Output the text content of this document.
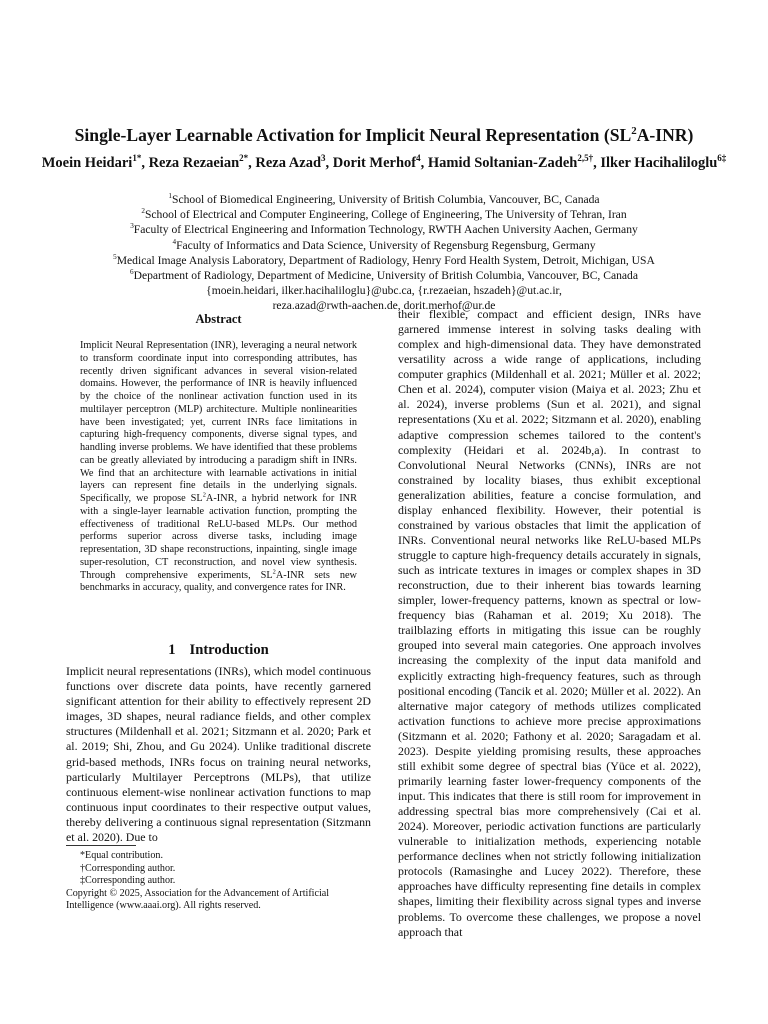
Single-Layer Learnable Activation for Implicit Neural Representation $(SL^2A-INR)$
Moein Heidari$^{1*}$, Reza Rezaeian$^{2*}$, Reza Azad$^3$, Dorit Merhof$^4$, Hamid Soltanian-Zadeh$^{2,5\dagger}$, Ilker Hacihaliloglu$^{6\ddagger}$
$^1$School of Biomedical Engineering, University of British Columbia, Vancouver, BC, Canada
$^2$School of Electrical and Computer Engineering, College of Engineering, The University of Tehran, Iran
$^3$Faculty of Electrical Engineering and Information Technology, RWTH Aachen University Aachen, Germany
$^4$Faculty of Informatics and Data Science, University of Regensburg Regensburg, Germany
$^5$Medical Image Analysis Laboratory, Department of Radiology, Henry Ford Health System, Detroit, Michigan, USA
$^6$Department of Radiology, Department of Medicine, University of British Columbia, Vancouver, BC, Canada
{moein.heidari, ilker.hacihaliloglu}@ubc.ca, {r.rezaeian, hszadeh}@ut.ac.ir,
reza.azad@rwth-aachen.de, dorit.merhof@ur.de
Abstract

Implicit Neural Representation (INR), leveraging a neural network to transform coordinate input into corresponding attributes, has recently driven significant advances in several vision-related domains. However, the performance of INR is heavily influenced by the choice of the nonlinear activation function used in its multilayer perceptron (MLP) architecture. Multiple nonlinearities have been investigated; yet, current INRs face limitations in capturing high-frequency components, diverse signal types, and handling inverse problems. We have identified that these problems can be greatly alleviated by introducing a paradigm shift in INRs. We find that an architecture with learnable activations in initial layers can represent fine details in the underlying signals. Specifically, we propose $SL^2A$-INR, a hybrid network for INR with a single-layer learnable activation function, prompting the effectiveness of traditional ReLU-based MLPs. Our method performs superior across diverse tasks, including image representation, 3D shape reconstructions, inpainting, single image super-resolution, CT reconstruction, and novel view synthesis. Through comprehensive experiments, $SL^2A$-INR sets new benchmarks in accuracy, quality, and convergence rates for INR.

1 Introduction

Implicit neural representations (INRs), which model continuous functions over discrete data points, have recently garnered significant attention for their ability to effectively represent 2D images, 3D shapes, neural radiance fields, and other complex structures (Mildenhall et al. 2021; Sitzmann et al. 2020; Park et al. 2019; Shi, Zhou, and Gu 2024). Unlike traditional discrete grid-based methods, INRs focus on training neural networks, particularly Multilayer Perceptrons (MLPs), that utilize continuous element-wise nonlinear activation functions to map continuous input coordinates to their respective output values, thereby delivering a continuous signal representation (Sitzmann et al. 2020). Due to

*Equal contribution.

†Corresponding author.

‡Corresponding author.

Copyright © 2025, Association for the Advancement of Artificial Intelligence (www.aaai.org). All rights reserved.

their flexible, compact and efficient design, INRs have garnered immense interest in solving tasks dealing with complex and high-dimensional data. They have demonstrated versatility across a wide range of applications, including computer graphics (Mildenhall et al. 2021; Müller et al. 2022; Chen et al. 2024), computer vision (Maiya et al. 2023; Zhu et al. 2024), inverse problems (Sun et al. 2021), and signal representations (Xu et al. 2022; Sitzmann et al. 2020), enabling adaptive compression schemes tailored to the content's complexity (Heidari et al. 2024b,a). In contrast to Convolutional Neural Networks (CNNs), INRs are not constrained by locality biases, thus exhibit exceptional generalization abilities, feature a concise formulation, and display enhanced flexibility. However, their potential is constrained by various obstacles that limit the application of INRs. Conventional neural networks like ReLU-based MLPs struggle to capture high-frequency details accurately in signals, such as intricate textures in images or complex shapes in 3D reconstruction, due to their inherent bias towards learning simpler, lower-frequency patterns, known as spectral or low-frequency bias (Rahaman et al. 2019; Xu 2018). The trailblazing efforts in mitigating this issue can be roughly grouped into several main categories. One approach involves increasing the complexity of the input data manifold and explicitly extracting high-frequency features, such as through positional encoding (Tancik et al. 2020; Müller et al. 2022). An alternative major category of methods utilizes complicated activation functions to achieve more precise approximations (Sitzmann et al. 2020; Fathony et al. 2020; Saragadam et al. 2023). Despite yielding promising results, these approaches still exhibit some degree of spectral bias (Yüce et al. 2022), primarily learning faster lower-frequency components of the input. This indicates that there is still room for improvement in addressing spectral bias more comprehensively (Cai et al. 2024). Moreover, periodic activation functions are particularly vulnerable to initialization methods, experiencing notable performance declines when not strictly following initialization protocols (Ramasinghe and Lucey 2022). Therefore, these approaches have difficulty representing fine details in complex shapes, limiting their flexibility across signal types and inverse problems. To overcome these challenges, we propose a novel approach that
